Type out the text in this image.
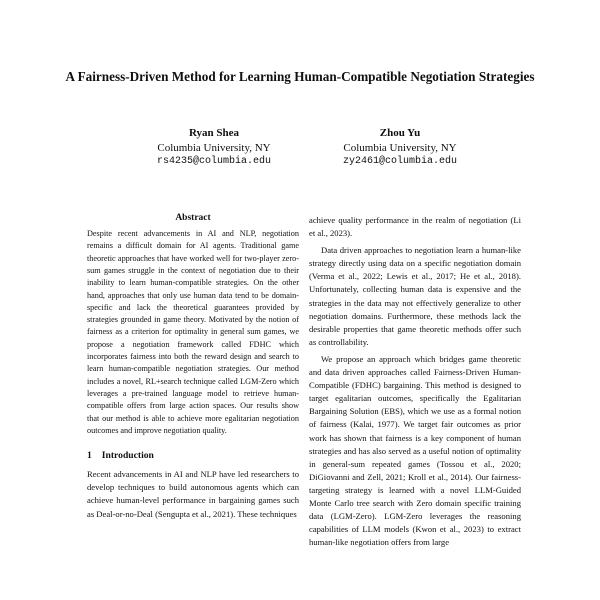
A Fairness-Driven Method for Learning Human-Compatible Negotiation Strategies
Ryan Shea
Columbia University, NY
rs4235@columbia.edu
Zhou Yu
Columbia University, NY
zy2461@columbia.edu
Abstract

Despite recent advancements in AI and NLP, negotiation remains a difficult domain for AI agents. Traditional game theoretic approaches that have worked well for two-player zero-sum games struggle in the context of negotiation due to their inability to learn human-compatible strategies. On the other hand, approaches that only use human data tend to be domain-specific and lack the theoretical guarantees provided by strategies grounded in game theory. Motivated by the notion of fairness as a criterion for optimality in general sum games, we propose a negotiation framework called FDHC which incorporates fairness into both the reward design and search to learn human-compatible negotiation strategies. Our method includes a novel, RL+search technique called LGM-Zero which leverages a pre-trained language model to retrieve human-compatible offers from large action spaces. Our results show that our method is able to achieve more egalitarian negotiation outcomes and improve negotiation quality.

1 Introduction

Recent advancements in AI and NLP have led researchers to develop techniques to build autonomous agents which can achieve human-level performance in bargaining games such as Deal-or-no-Deal (Sengupta et al., 2021). These techniques

achieve quality performance in the realm of negotiation (Li et al., 2023).

Data driven approaches to negotiation learn a human-like strategy directly using data on a specific negotiation domain (Verma et al., 2022; Lewis et al., 2017; He et al., 2018). Unfortunately, collecting human data is expensive and the strategies in the data may not effectively generalize to other negotiation domains. Furthermore, these methods lack the desirable properties that game theoretic methods offer such as controllability.

We propose an approach which bridges game theoretic and data driven approaches called Fairness-Driven Human-Compatible (FDHC) bargaining. This method is designed to target egalitarian outcomes, specifically the Egalitarian Bargaining Solution (EBS), which we use as a formal notion of fairness (Kalai, 1977). We target fair outcomes as prior work has shown that fairness is a key component of human strategies and has also served as a useful notion of optimality in general-sum repeated games (Tossou et al., 2020; DiGiovanni and Zell, 2021; Kroll et al., 2014). Our fairness-targeting strategy is learned with a novel LLM-Guided Monte Carlo tree search with Zero domain specific training data (LGM-Zero). LGM-Zero leverages the reasoning capabilities of LLM models (Kwon et al., 2023) to extract human-like negotiation offers from large
